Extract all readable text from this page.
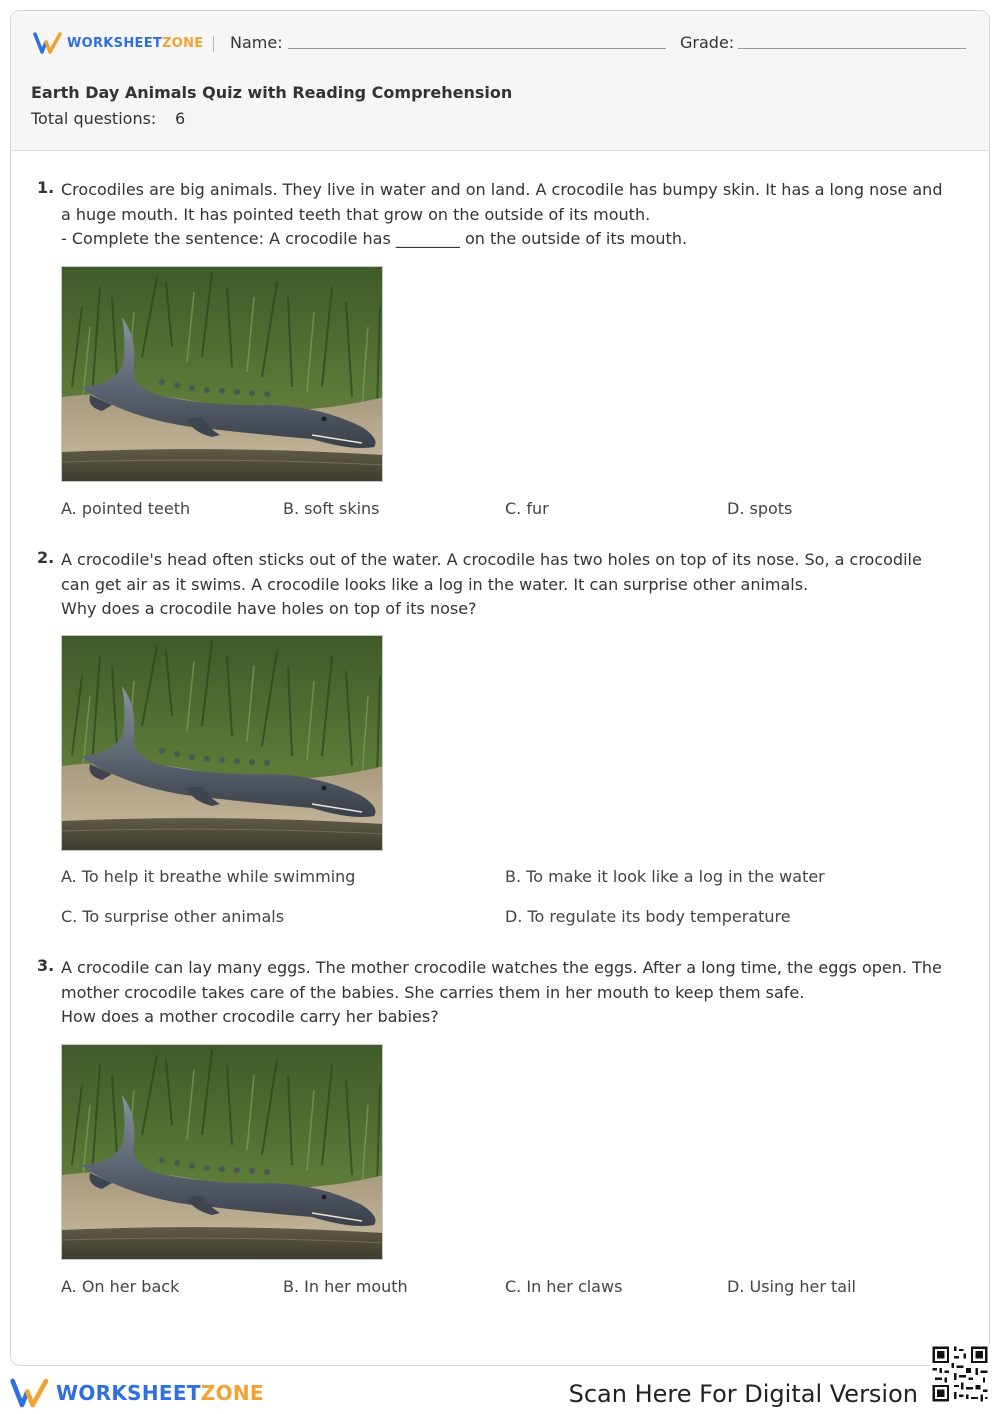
WORKSHEETZONE Name:	Grade:
Earth Day Animals Quiz with Reading Comprehension
Total questions: 6
1. Crocodiles are big animals. They live in water and on land. A crocodile has bumpy skin. It has a long nose and a huge mouth. It has pointed teeth that grow on the outside of its mouth.

- Complete the sentence: A crocodile has ________ on the outside of its mouth.

A. pointed teeth	B. soft skins	C. fur	D. spots
2. A crocodile's head often sticks out of the water. A crocodile has two holes on top of its nose. So, a crocodile can get air as it swims. A crocodile looks like a log in the water. It can surprise other animals.

Why does a crocodile have holes on top of its nose?

A. To help it breathe while swimming	B. To make it look like a log in the water
C. To surprise other animals	D. To regulate its body temperature
3. A crocodile can lay many eggs. The mother crocodile watches the eggs. After a long time, the eggs open. The mother crocodile takes care of the babies. She carries them in her mouth to keep them safe.

How does a mother crocodile carry her babies?

A. On her back	B. In her mouth	C. In her claws	D. Using her tail
WORKSHEETZONE	Scan Here For Digital Version
